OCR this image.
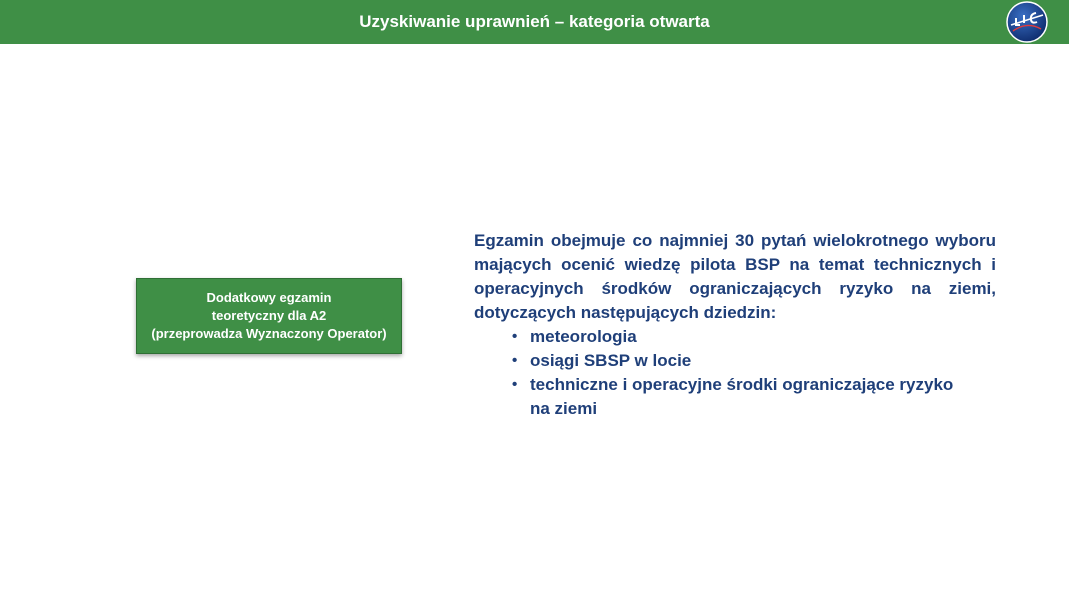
Uzyskiwanie uprawnień – kategoria otwarta
Dodatkowy egzamin
teoretyczny dla A2
(przeprowadza Wyznaczony Operator)

Egzamin obejmuje co najmniej 30 pytań wielokrotnego wyboru mających ocenić wiedzę pilota BSP na temat technicznych i operacyjnych środków ograniczających ryzyko na ziemi, dotyczących następujących dziedzin:

• meteorologia
• osiągi SBSP w locie
• techniczne i operacyjne środki ograniczające ryzyko na ziemi
